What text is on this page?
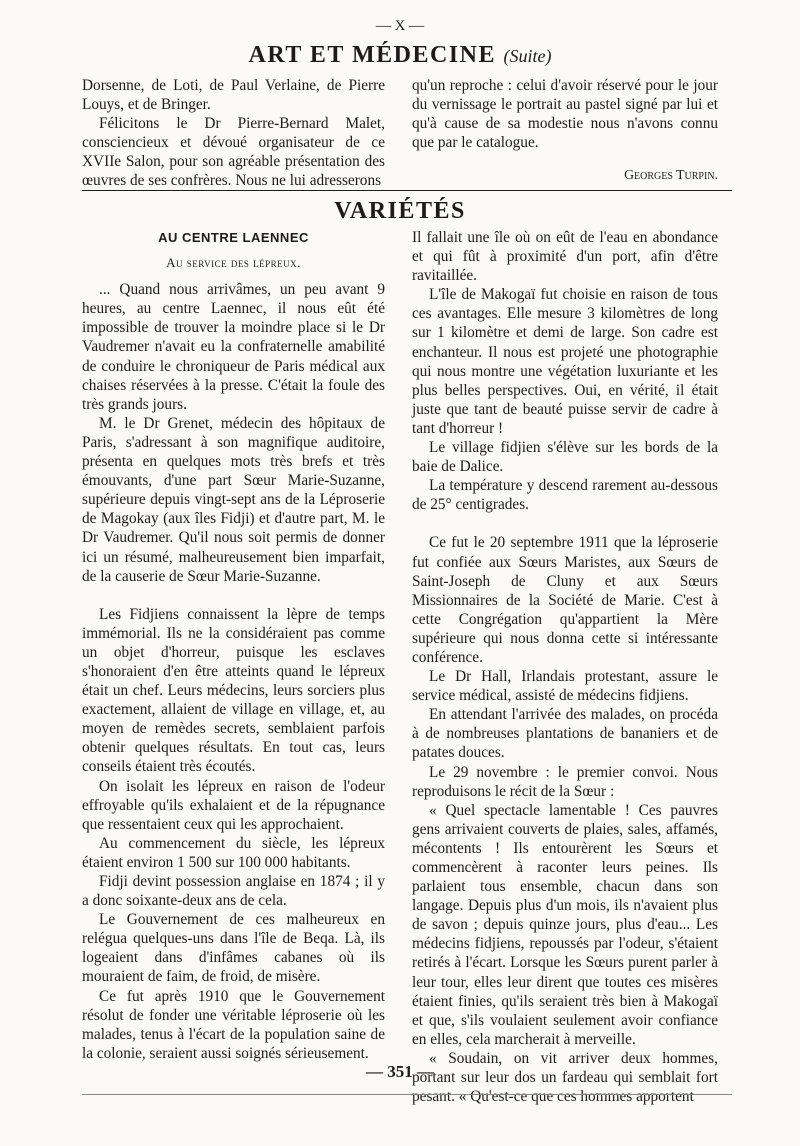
— X —
ART ET MÉDECINE (Suite)

Dorsenne, de Loti, de Paul Verlaine, de Pierre Louys, et de Bringer.

Félicitons le Dr Pierre-Bernard Malet, consciencieux et dévoué organisateur de ce XVIIe Salon, pour son agréable présentation des œuvres de ses confrères. Nous ne lui adresserons

qu'un reproche : celui d'avoir réservé pour le jour du vernissage le portrait au pastel signé par lui et qu'à cause de sa modestie nous n'avons connu que par le catalogue.

Georges Turpin.

VARIÉTÉS
AU CENTRE LAENNEC
Au service des lépreux.

... Quand nous arrivâmes, un peu avant 9 heures, au centre Laennec, il nous eût été impossible de trouver la moindre place si le Dr Vaudremer n'avait eu la confraternelle amabilité de conduire le chroniqueur de Paris médical aux chaises réservées à la presse. C'était la foule des très grands jours.

M. le Dr Grenet, médecin des hôpitaux de Paris, s'adressant à son magnifique auditoire, présenta en quelques mots très brefs et très émouvants, d'une part Sœur Marie-Suzanne, supérieure depuis vingt-sept ans de la Léproserie de Magokay (aux îles Fidji) et d'autre part, M. le Dr Vaudremer. Qu'il nous soit permis de donner ici un résumé, malheureusement bien imparfait, de la causerie de Sœur Marie-Suzanne.

Les Fidjiens connaissent la lèpre de temps immémorial. Ils ne la considéraient pas comme un objet d'horreur, puisque les esclaves s'honoraient d'en être atteints quand le lépreux était un chef. Leurs médecins, leurs sorciers plus exactement, allaient de village en village, et, au moyen de remèdes secrets, semblaient parfois obtenir quelques résultats. En tout cas, leurs conseils étaient très écoutés.

On isolait les lépreux en raison de l'odeur effroyable qu'ils exhalaient et de la répugnance que ressentaient ceux qui les approchaient.

Au commencement du siècle, les lépreux étaient environ 1 500 sur 100 000 habitants.

Fidji devint possession anglaise en 1874 ; il y a donc soixante-deux ans de cela.

Le Gouvernement de ces malheureux en relégua quelques-uns dans l'île de Beqa. Là, ils logeaient dans d'infâmes cabanes où ils mouraient de faim, de froid, de misère.

Ce fut après 1910 que le Gouvernement résolut de fonder une véritable léproserie où les malades, tenus à l'écart de la population saine de la colonie, seraient aussi soignés sérieusement.

Il fallait une île où on eût de l'eau en abondance et qui fût à proximité d'un port, afin d'être ravitaillée.

L'île de Makogaï fut choisie en raison de tous ces avantages. Elle mesure 3 kilomètres de long sur 1 kilomètre et demi de large. Son cadre est enchanteur. Il nous est projeté une photographie qui nous montre une végétation luxuriante et les plus belles perspectives. Oui, en vérité, il était juste que tant de beauté puisse servir de cadre à tant d'horreur !

Le village fidjien s'élève sur les bords de la baie de Dalice.

La température y descend rarement au-dessous de 25° centigrades.

Ce fut le 20 septembre 1911 que la léproserie fut confiée aux Sœurs Maristes, aux Sœurs de Saint-Joseph de Cluny et aux Sœurs Missionnaires de la Société de Marie. C'est à cette Congrégation qu'appartient la Mère supérieure qui nous donna cette si intéressante conférence.

Le Dr Hall, Irlandais protestant, assure le service médical, assisté de médecins fidjiens.

En attendant l'arrivée des malades, on procéda à de nombreuses plantations de bananiers et de patates douces.

Le 29 novembre : le premier convoi. Nous reproduisons le récit de la Sœur :

« Quel spectacle lamentable ! Ces pauvres gens arrivaient couverts de plaies, sales, affamés, mécontents ! Ils entourèrent les Sœurs et commencèrent à raconter leurs peines. Ils parlaient tous ensemble, chacun dans son langage. Depuis plus d'un mois, ils n'avaient plus de savon ; depuis quinze jours, plus d'eau... Les médecins fidjiens, repoussés par l'odeur, s'étaient retirés à l'écart. Lorsque les Sœurs purent parler à leur tour, elles leur dirent que toutes ces misères étaient finies, qu'ils seraient très bien à Makogaï et que, s'ils voulaient seulement avoir confiance en elles, cela marcherait à merveille.

« Soudain, on vit arriver deux hommes, portant sur leur dos un fardeau qui semblait fort pesant. « Qu'est-ce que ces hommes apportent

— 351 —
